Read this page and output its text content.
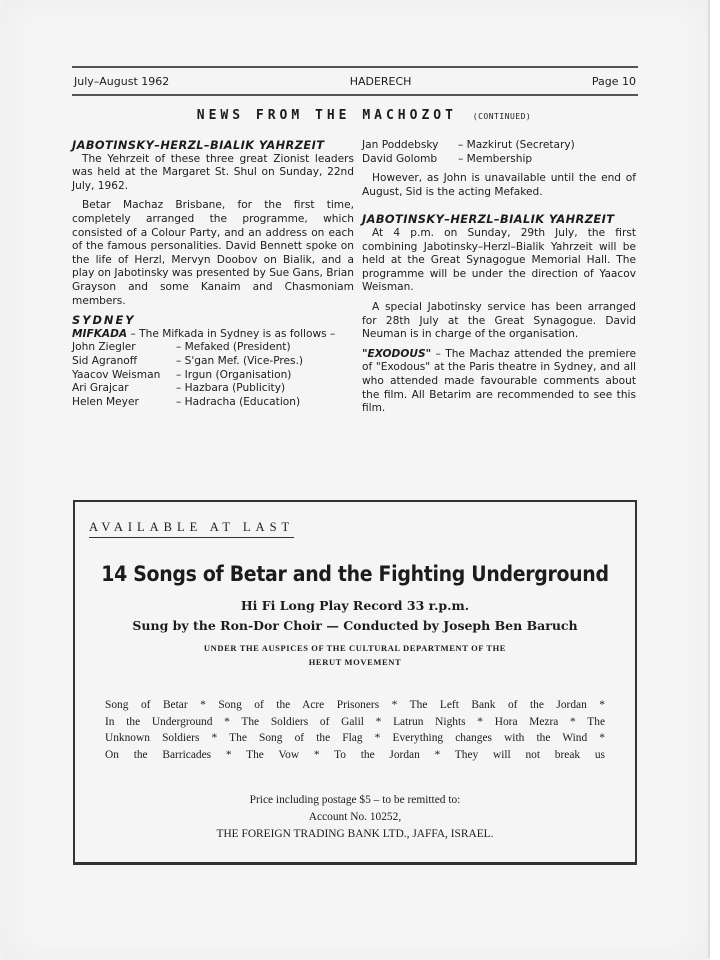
July–August 1962	HADERECH	Page 10
NEWS FROM THE MACHOZOT (CONTINUED)

JABOTINSKY–HERZL–BIALIK YAHRZEIT

The Yehrzeit of these three great Zionist leaders was held at the Margaret St. Shul on Sunday, 22nd July, 1962.

Betar Machaz Brisbane, for the first time, completely arranged the programme, which consisted of a Colour Party, and an address on each of the famous personalities. David Bennett spoke on the life of Herzl, Mervyn Doobov on Bialik, and a play on Jabotinsky was presented by Sue Gans, Brian Grayson and some Kanaim and Chasmoniam members.

SYDNEY

MIFKADA – The Mifkada in Sydney is as follows –

John Ziegler	– Mefaked (President)
Sid Agranoff	– S'gan Mef. (Vice-Pres.)
Yaacov Weisman	– Irgun (Organisation)
Ari Grajcar	– Hazbara (Publicity)
Helen Meyer	– Hadracha (Education)
Jan Poddebsky	– Mazkirut (Secretary)
David Golomb	– Membership

However, as John is unavailable until the end of August, Sid is the acting Mefaked.

JABOTINSKY–HERZL–BIALIK YAHRZEIT

At 4 p.m. on Sunday, 29th July, the first combining Jabotinsky–Herzl–Bialik Yahrzeit will be held at the Great Synagogue Memorial Hall. The programme will be under the direction of Yaacov Weisman.

A special Jabotinsky service has been arranged for 28th July at the Great Synagogue. David Neuman is in charge of the organisation.

"EXODOUS" – The Machaz attended the premiere of "Exodous" at the Paris theatre in Sydney, and all who attended made favourable comments about the film. All Betarim are recommended to see this film.

AVAILABLE AT LAST
14 Songs of Betar and the Fighting Underground
Hi Fi Long Play Record 33 r.p.m.
Sung by the Ron-Dor Choir — Conducted by Joseph Ben Baruch
UNDER THE AUSPICES OF THE CULTURAL DEPARTMENT OF THE
HERUT MOVEMENT
Song of Betar * Song of the Acre Prisoners * The Left Bank of the Jordan *
In the Underground * The Soldiers of Galil * Latrun Nights * Hora Mezra * The
Unknown Soldiers * The Song of the Flag * Everything changes with the Wind *
On the Barricades * The Vow * To the Jordan * They will not break us
Price including postage $5 – to be remitted to:
Account No. 10252,
THE FOREIGN TRADING BANK LTD., JAFFA, ISRAEL.
